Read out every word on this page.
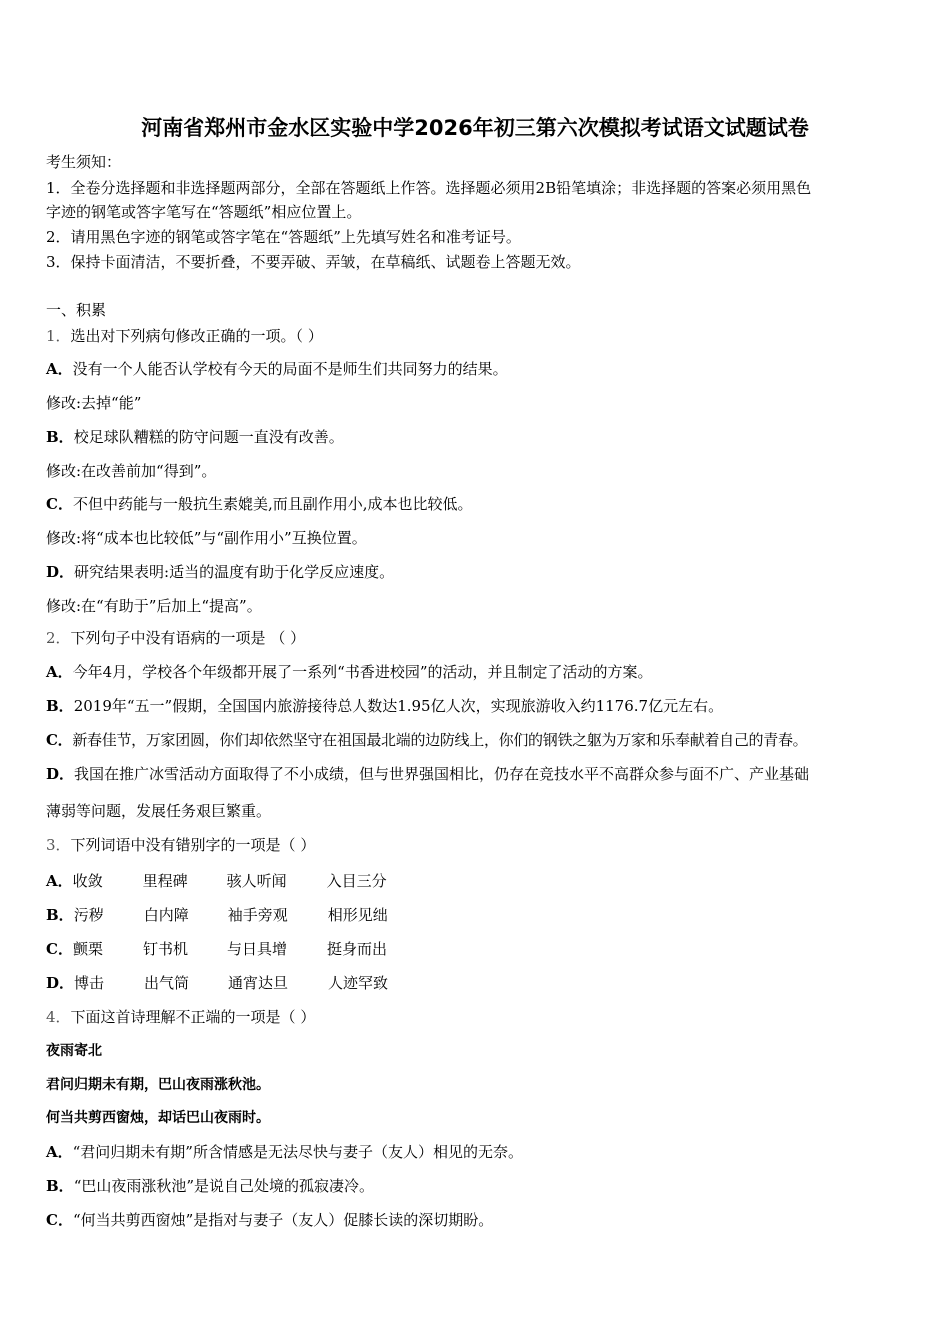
河南省郑州市金水区实验中学2026年初三第六次模拟考试语文试题试卷
考生须知：
1．全卷分选择题和非选择题两部分，全部在答题纸上作答。选择题必须用2B铅笔填涂；非选择题的答案必须用黑色
字迹的钢笔或答字笔写在“答题纸”相应位置上。
2．请用黑色字迹的钢笔或答字笔在“答题纸”上先填写姓名和准考证号。
3．保持卡面清洁，不要折叠，不要弄破、弄皱，在草稿纸、试题卷上答题无效。
一、积累
1．选出对下列病句修改正确的一项。（ ）
A．没有一个人能否认学校有今天的局面不是师生们共同努力的结果。
修改:去掉“能”
B．校足球队糟糕的防守问题一直没有改善。
修改:在改善前加“得到”。
C．不但中药能与一般抗生素媲美,而且副作用小,成本也比较低。
修改:将“成本也比较低”与“副作用小”互换位置。
D．研究结果表明:适当的温度有助于化学反应速度。
修改:在“有助于”后加上“提高”。
2．下列句子中没有语病的一项是 （ ）
A．今年4月，学校各个年级都开展了一系列“书香进校园”的活动，并且制定了活动的方案。
B．2019年“五一”假期，全国国内旅游接待总人数达1.95亿人次，实现旅游收入约1176.7亿元左右。
C．新春佳节，万家团圆，你们却依然坚守在祖国最北端的边防线上，你们的钢铁之躯为万家和乐奉献着自己的青春。
D．我国在推广冰雪活动方面取得了不小成绩，但与世界强国相比，仍存在竞技水平不高群众参与面不广、产业基础
薄弱等问题，发展任务艰巨繁重。
3．下列词语中没有错别字的一项是（ ）
A．收敛	里程碑	骇人听闻	入目三分
B．污秽	白内障	袖手旁观	相形见绌
C．颤栗	钉书机	与日具增	挺身而出
D．博击	出气筒	通宵达旦	人迹罕致
4．下面这首诗理解不正端的一项是（ ）
夜雨寄北
君问归期未有期，巴山夜雨涨秋池。
何当共剪西窗烛，却话巴山夜雨时。
A．“君问归期未有期”所含情感是无法尽快与妻子（友人）相见的无奈。
B．“巴山夜雨涨秋池”是说自己处境的孤寂凄冷。
C．“何当共剪西窗烛”是指对与妻子（友人）促膝长读的深切期盼。
